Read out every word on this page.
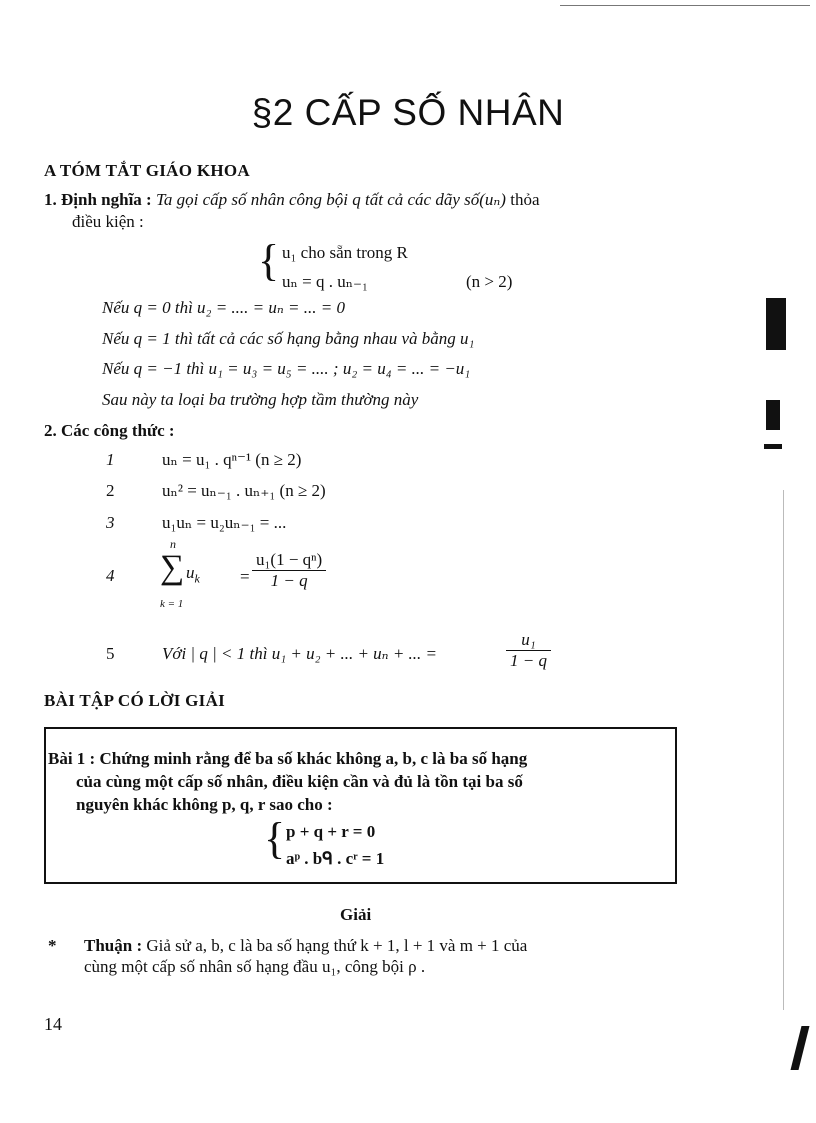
§2 CẤP SỐ NHÂN
A TÓM TẮT GIÁO KHOA
1. Định nghĩa : Ta gọi cấp số nhân công bội q tất cả các dãy số(uₙ) thỏa
điều kiện :
{ u₁ cho sẵn trong R
uₙ = q . uₙ₋₁	(n > 2)
Nếu q = 0 thì u₂ = .... = uₙ = ... = 0
Nếu q = 1 thì tất cả các số hạng bằng nhau và bằng u₁
Nếu q = −1 thì u₁ = u₃ = u₅ = .... ; u₂ = u₄ = ... = −u₁
Sau này ta loại ba trường hợp tầm thường này
2. Các công thức :
1	uₙ = u₁ . qⁿ⁻¹ (n ≥ 2)
2	uₙ² = uₙ₋₁ . uₙ₊₁ (n ≥ 2)
3	u₁uₙ = u₂uₙ₋₁ = ...
4
n
∑ $u_k$
k = 1
= $\frac{\text{u₁(1 − qⁿ)}}{1 - q}$
5	Với | q | < 1 thì u₁ + u₂ + ... + uₙ + ... =	$\frac{\text{u₁}}{1 - q}$
BÀI TẬP CÓ LỜI GIẢI
Bài 1 : Chứng minh rằng để ba số khác không a, b, c là ba số hạng
của cùng một cấp số nhân, điều kiện cần và đủ là tồn tại ba số
nguyên khác không p, q, r sao cho :
{ p + q + r = 0
aᵖ . bᑫ . cʳ = 1
Giải
* Thuận : Giả sử a, b, c là ba số hạng thứ k + 1, l + 1 và m + 1 của
cùng một cấp số nhân số hạng đầu u₁, công bội ρ .
14
